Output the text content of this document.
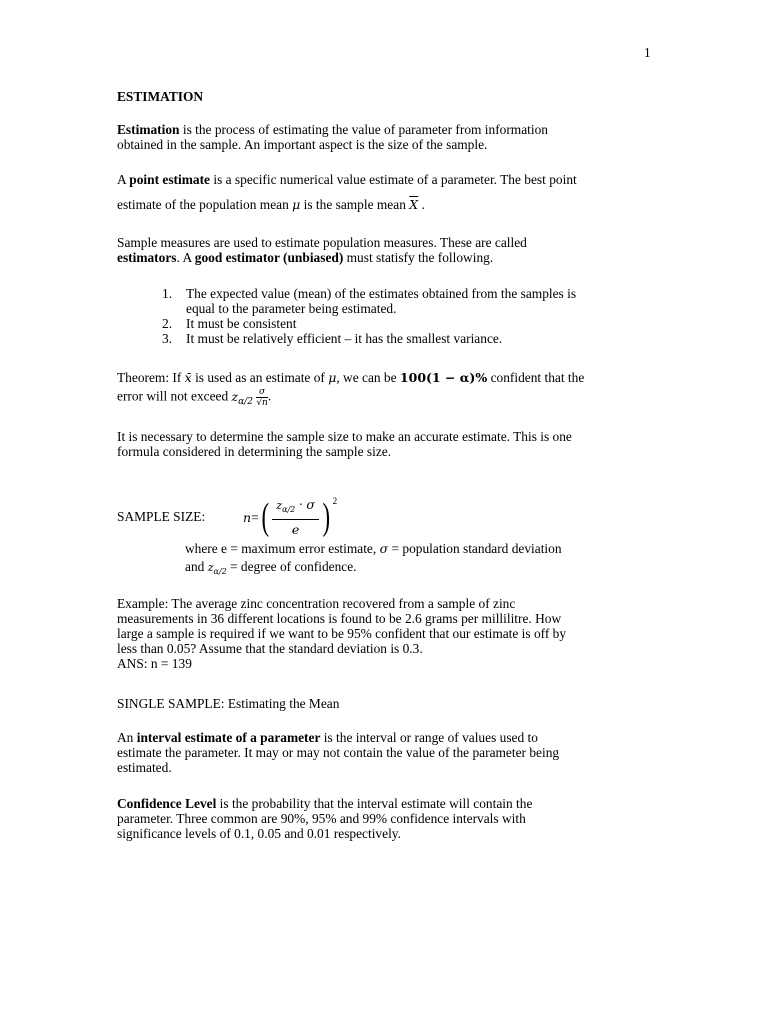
1
ESTIMATION
Estimation is the process of estimating the value of parameter from information
obtained in the sample. An important aspect is the size of the sample.
A point estimate is a specific numerical value estimate of a parameter. The best point
estimate of the population mean μ is the sample mean $\overline{X}$ .
Sample measures are used to estimate population measures. These are called
estimators. A good estimator (unbiased) must statisfy the following.
1. The expected value (mean) of the estimates obtained from the samples is
equal to the parameter being estimated.
2. It must be consistent
3. It must be relatively efficient – it has the smallest variance.
Theorem: If x̄ is used as an estimate of μ, we can be 100(1 − α)% confident that the
error will not exceed $z_{\alpha/2} \frac{\sigma}{√n}$ .
It is necessary to determine the sample size to make an accurate estimate. This is one
formula considered in determining the sample size.
SAMPLE SIZE:	n = ( $z_{\alpha/2} \cdot \sigma$
e ) 2
where e = maximum error estimate, σ = population standard deviation
and $z_{\alpha/2}$ = degree of confidence.
Example: The average zinc concentration recovered from a sample of zinc
measurements in 36 different locations is found to be 2.6 grams per millilitre. How
large a sample is required if we want to be 95% confident that our estimate is off by
less than 0.05? Assume that the standard deviation is 0.3.
ANS: n = 139
SINGLE SAMPLE: Estimating the Mean
An interval estimate of a parameter is the interval or range of values used to
estimate the parameter. It may or may not contain the value of the parameter being
estimated.
Confidence Level is the probability that the interval estimate will contain the
parameter. Three common are 90%, 95% and 99% confidence intervals with
significance levels of 0.1, 0.05 and 0.01 respectively.
